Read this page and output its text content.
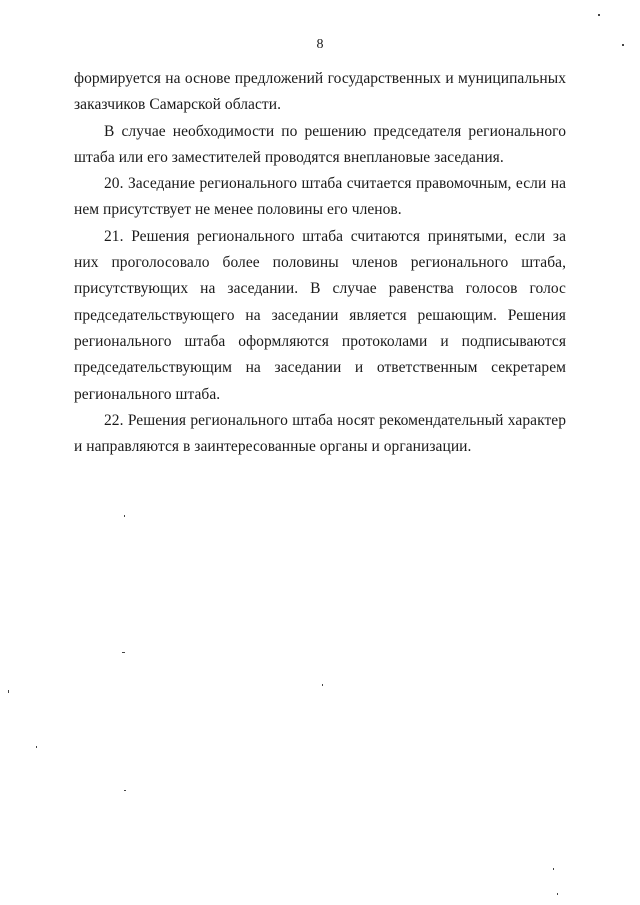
8

формируется на основе предложений государственных и муниципальных заказчиков Самарской области.

В случае необходимости по решению председателя регионального штаба или его заместителей проводятся внеплановые заседания.

20. Заседание регионального штаба считается правомочным, если на нем присутствует не менее половины его членов.

21. Решения регионального штаба считаются принятыми, если за них проголосовало более половины членов регионального штаба, присутствующих на заседании. В случае равенства голосов голос председательствующего на заседании является решающим. Решения регионального штаба оформляются протоколами и подписываются председательствующим на заседании и ответственным секретарем регионального штаба.

22. Решения регионального штаба носят рекомендательный характер и направляются в заинтересованные органы и организации.
